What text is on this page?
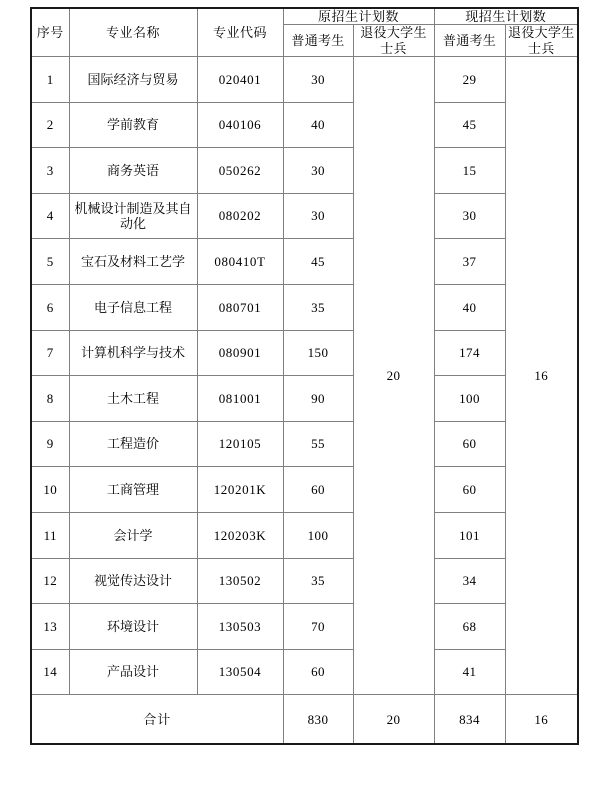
序号	专业名称	专业代码	原招生计划数		现招生计划数	
			普通考生	退役大学生士兵	普通考生	退役大学生士兵
1	国际经济与贸易	020401	30	20	29	16
2	学前教育	040106	40		45	
3	商务英语	050262	30		15	
4	机械设计制造及其自动化	080202	30		30	
5	宝石及材料工艺学	080410T	45		37	
6	电子信息工程	080701	35		40	
7	计算机科学与技术	080901	150		174	
8	土木工程	081001	90		100	
9	工程造价	120105	55		60	
10	工商管理	120201K	60		60	
11	会计学	120203K	100		101	
12	视觉传达设计	130502	35		34	
13	环境设计	130503	70		68	
14	产品设计	130504	60		41	
合计			830	20	834	16
